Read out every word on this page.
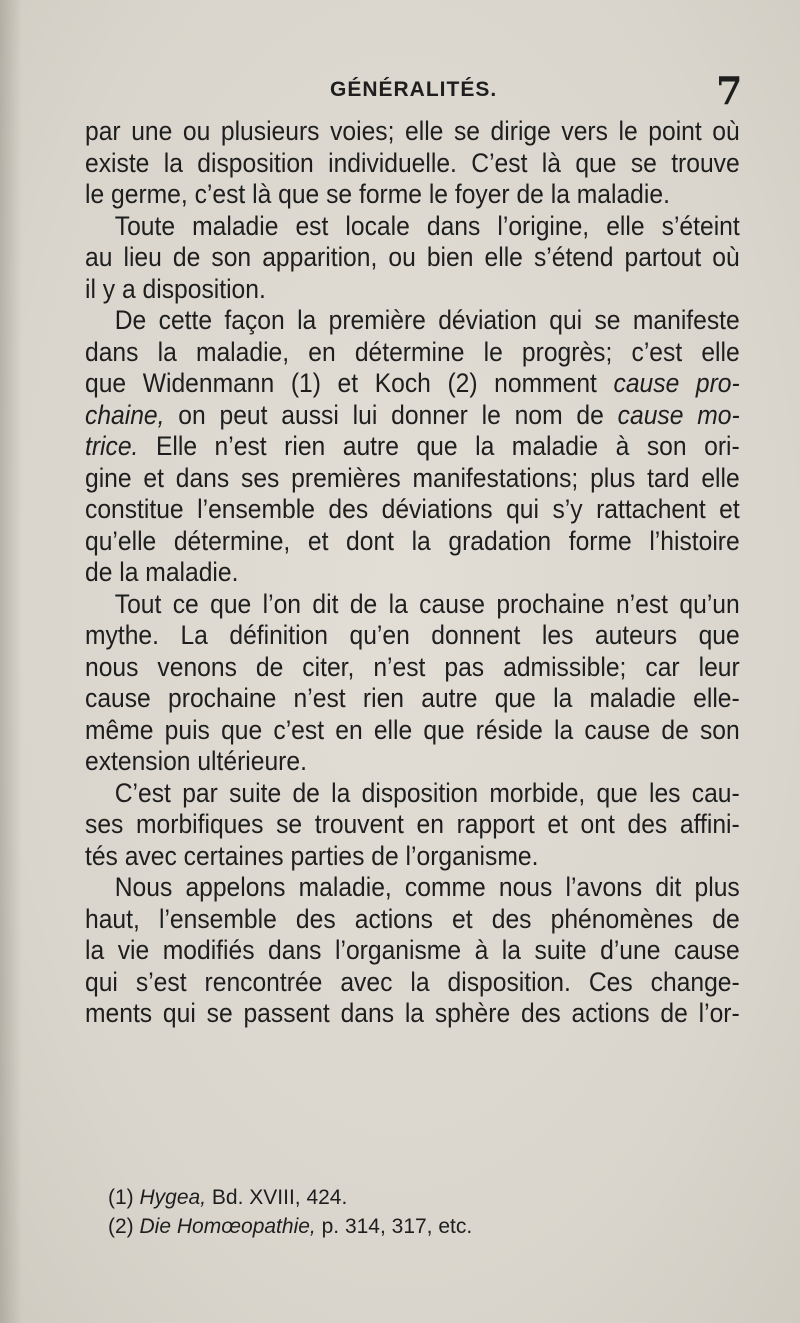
GÉNÉRALITÉS.	7
par une ou plusieurs voies; elle se dirige vers le point où
existe la disposition individuelle. C’est là que se trouve
le germe, c’est là que se forme le foyer de la maladie.
Toute maladie est locale dans l’origine, elle s’éteint
au lieu de son apparition, ou bien elle s’étend partout où
il y a disposition.
De cette façon la première déviation qui se manifeste
dans la maladie, en détermine le progrès; c’est elle
que Widenmann (1) et Koch (2) nomment cause pro-
chaine, on peut aussi lui donner le nom de cause mo-
trice. Elle n’est rien autre que la maladie à son ori-
gine et dans ses premières manifestations; plus tard elle
constitue l’ensemble des déviations qui s’y rattachent et
qu’elle détermine, et dont la gradation forme l’histoire
de la maladie.
Tout ce que l’on dit de la cause prochaine n’est qu’un
mythe. La définition qu’en donnent les auteurs que
nous venons de citer, n’est pas admissible; car leur
cause prochaine n’est rien autre que la maladie elle-
même puis que c’est en elle que réside la cause de son
extension ultérieure.
C’est par suite de la disposition morbide, que les cau-
ses morbifiques se trouvent en rapport et ont des affini-
tés avec certaines parties de l’organisme.
Nous appelons maladie, comme nous l’avons dit plus
haut, l’ensemble des actions et des phénomènes de
la vie modifiés dans l’organisme à la suite d’une cause
qui s’est rencontrée avec la disposition. Ces change-
ments qui se passent dans la sphère des actions de l’or-
(1) Hygea, Bd. XVIII, 424.
(2) Die Homœopathie, p. 314, 317, etc.
